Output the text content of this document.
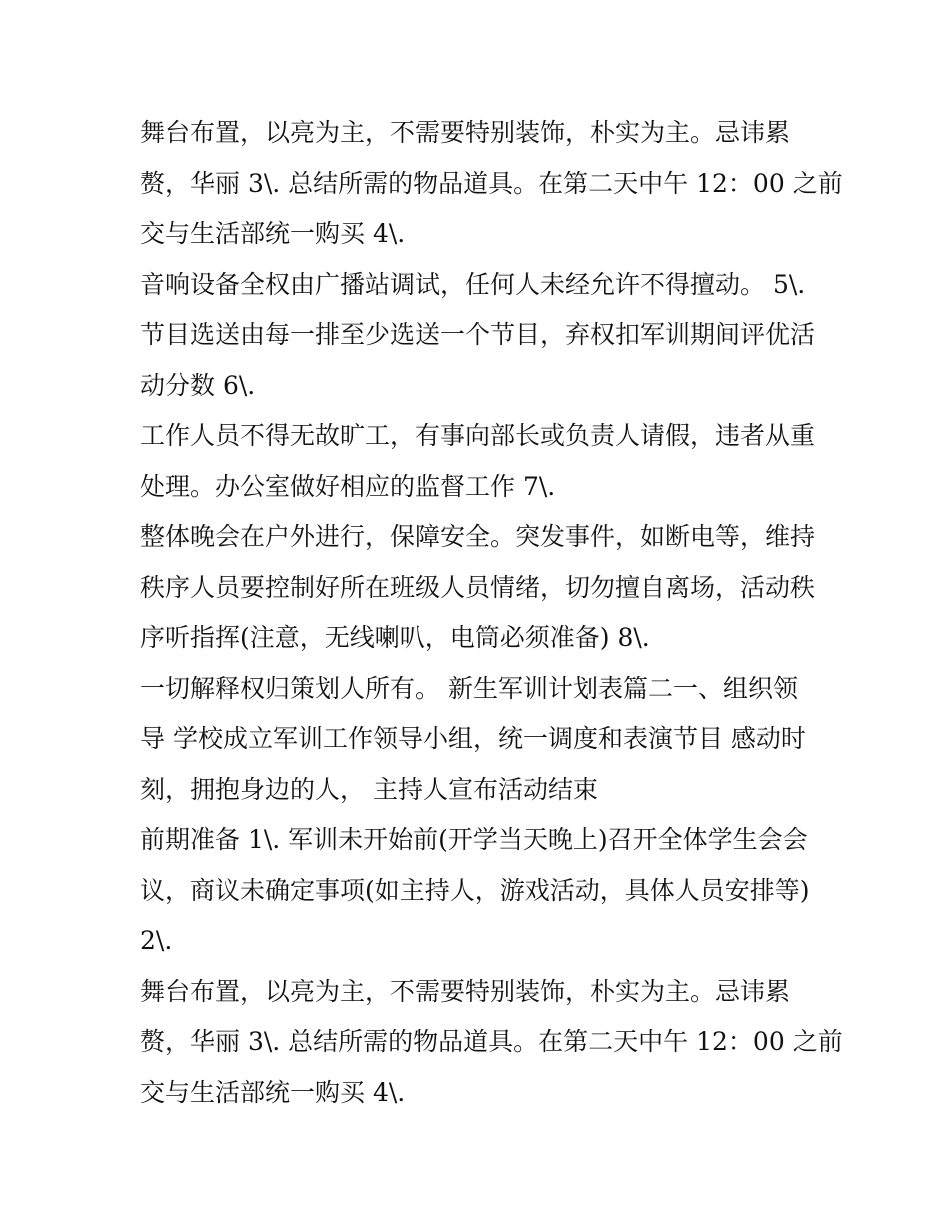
舞台布置，以亮为主，不需要特别装饰，朴实为主。忌讳累
赘，华丽 3\. 总结所需的物品道具。在第二天中午 12：00 之前
交与生活部统一购买 4\.

音响设备全权由广播站调试，任何人未经允许不得擅动。 5\.
节目选送由每一排至少选送一个节目，弃权扣军训期间评优活
动分数 6\.

工作人员不得无故旷工，有事向部长或负责人请假，违者从重
处理。办公室做好相应的监督工作 7\.

整体晚会在户外进行，保障安全。突发事件，如断电等，维持
秩序人员要控制好所在班级人员情绪，切勿擅自离场，活动秩
序听指挥(注意，无线喇叭，电筒必须准备) 8\.

一切解释权归策划人所有。 新生军训计划表篇二一、组织领
导 学校成立军训工作领导小组，统一调度和表演节目 感动时
刻，拥抱身边的人， 主持人宣布活动结束

前期准备 1\. 军训未开始前(开学当天晚上)召开全体学生会会
议，商议未确定事项(如主持人，游戏活动，具体人员安排等)
2\.

舞台布置，以亮为主，不需要特别装饰，朴实为主。忌讳累
赘，华丽 3\. 总结所需的物品道具。在第二天中午 12：00 之前
交与生活部统一购买 4\.
